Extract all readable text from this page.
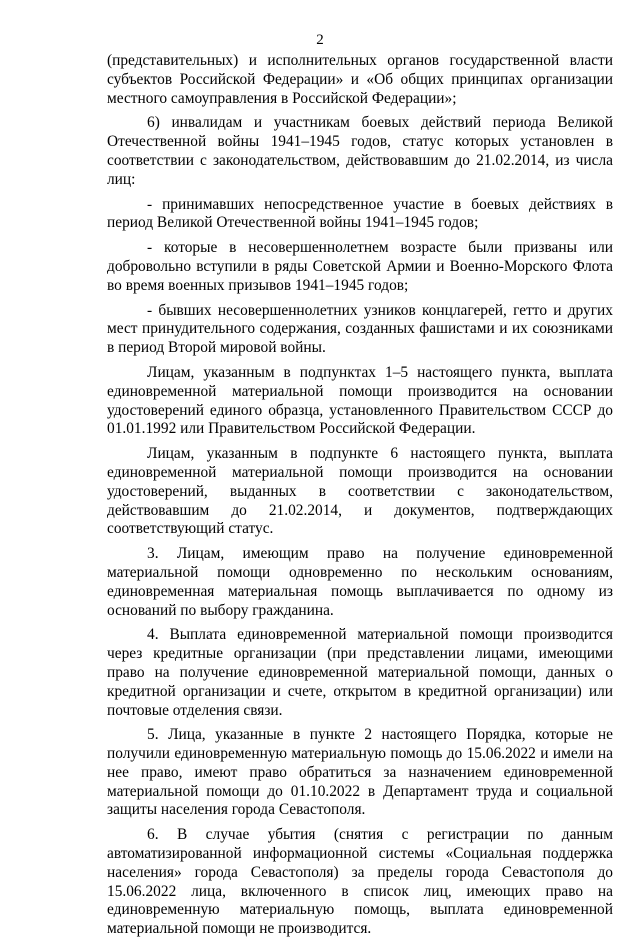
2

(представительных) и исполнительных органов государственной власти субъектов Российской Федерации» и «Об общих принципах организации местного самоуправления в Российской Федерации»;

6) инвалидам и участникам боевых действий периода Великой Отечественной войны 1941–1945 годов, статус которых установлен в соответствии с законодательством, действовавшим до 21.02.2014, из числа лиц:

- принимавших непосредственное участие в боевых действиях в период Великой Отечественной войны 1941–1945 годов;

- которые в несовершеннолетнем возрасте были призваны или добровольно вступили в ряды Советской Армии и Военно-Морского Флота во время военных призывов 1941–1945 годов;

- бывших несовершеннолетних узников концлагерей, гетто и других мест принудительного содержания, созданных фашистами и их союзниками в период Второй мировой войны.

Лицам, указанным в подпунктах 1–5 настоящего пункта, выплата единовременной материальной помощи производится на основании удостоверений единого образца, установленного Правительством СССР до 01.01.1992 или Правительством Российской Федерации.

Лицам, указанным в подпункте 6 настоящего пункта, выплата единовременной материальной помощи производится на основании удостоверений, выданных в соответствии с законодательством, действовавшим до 21.02.2014, и документов, подтверждающих соответствующий статус.

3. Лицам, имеющим право на получение единовременной материальной помощи одновременно по нескольким основаниям, единовременная материальная помощь выплачивается по одному из оснований по выбору гражданина.

4. Выплата единовременной материальной помощи производится через кредитные организации (при представлении лицами, имеющими право на получение единовременной материальной помощи, данных о кредитной организации и счете, открытом в кредитной организации) или почтовые отделения связи.

5. Лица, указанные в пункте 2 настоящего Порядка, которые не получили единовременную материальную помощь до 15.06.2022 и имели на нее право, имеют право обратиться за назначением единовременной материальной помощи до 01.10.2022 в Департамент труда и социальной защиты населения города Севастополя.

6. В случае убытия (снятия с регистрации по данным автоматизированной информационной системы «Социальная поддержка населения» города Севастополя) за пределы города Севастополя до 15.06.2022 лица, включенного в список лиц, имеющих право на единовременную материальную помощь, выплата единовременной материальной помощи не производится.
